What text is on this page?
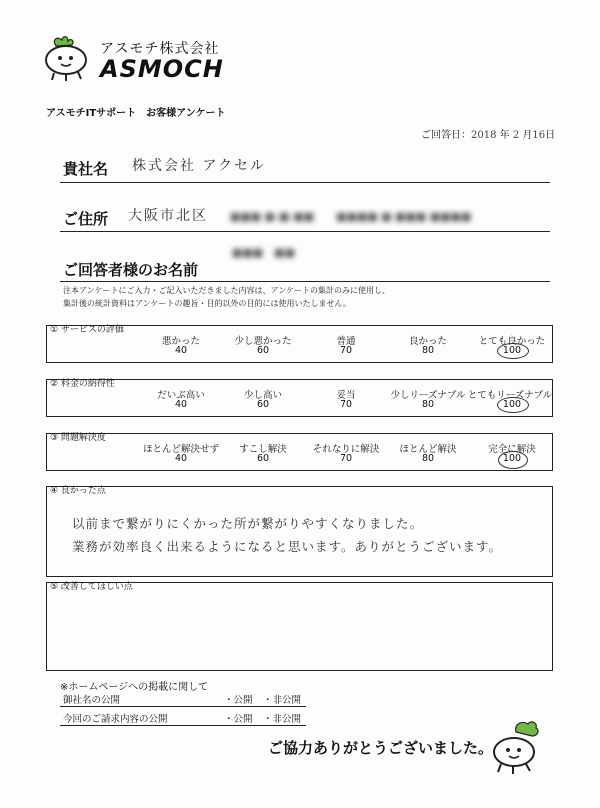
アスモチ株式会社
ASMOCH
アスモチITサポート　お客様アンケート
ご回答日：2018 年 2 月16日
貴社名 株式会社 アクセル
ご住所 大阪市北区 ■■■ ■-■-■■　　■■■■ ■ ■■■ ■■■■
■■■　■■
ご回答者様のお名前
注本アンケートにご入力・ご記入いただきました内容は、アンケートの集計のみに使用し、
集計後の統計資料はアンケートの趣旨・目的以外の目的には使用いたしません。
① サービスの評価
悪かった	少し悪かった	普通	良かった	とても良かった
40	60	70	80	100
② 料金の納得性
だいぶ高い	少し高い	妥当	少しリーズナブル とてもリーズナブル
40	60	70	80	100
③ 問題解決度
ほとんど解決せず	すこし解決	それなりに解決	ほとんど解決	完全に解決
40	60	70	80	100
④ 良かった点
以前まで繋がりにくかった所が繋がりやすくなりました。
業務が効率良く出来るようになると思います。ありがとうございます。
⑤ 改善してほしい点
※ホームページへの掲載に関して
御社名の公開	・公開 ・非公開
今回のご請求内容の公開	・公開 ・非公開
ご協力ありがとうございました。
